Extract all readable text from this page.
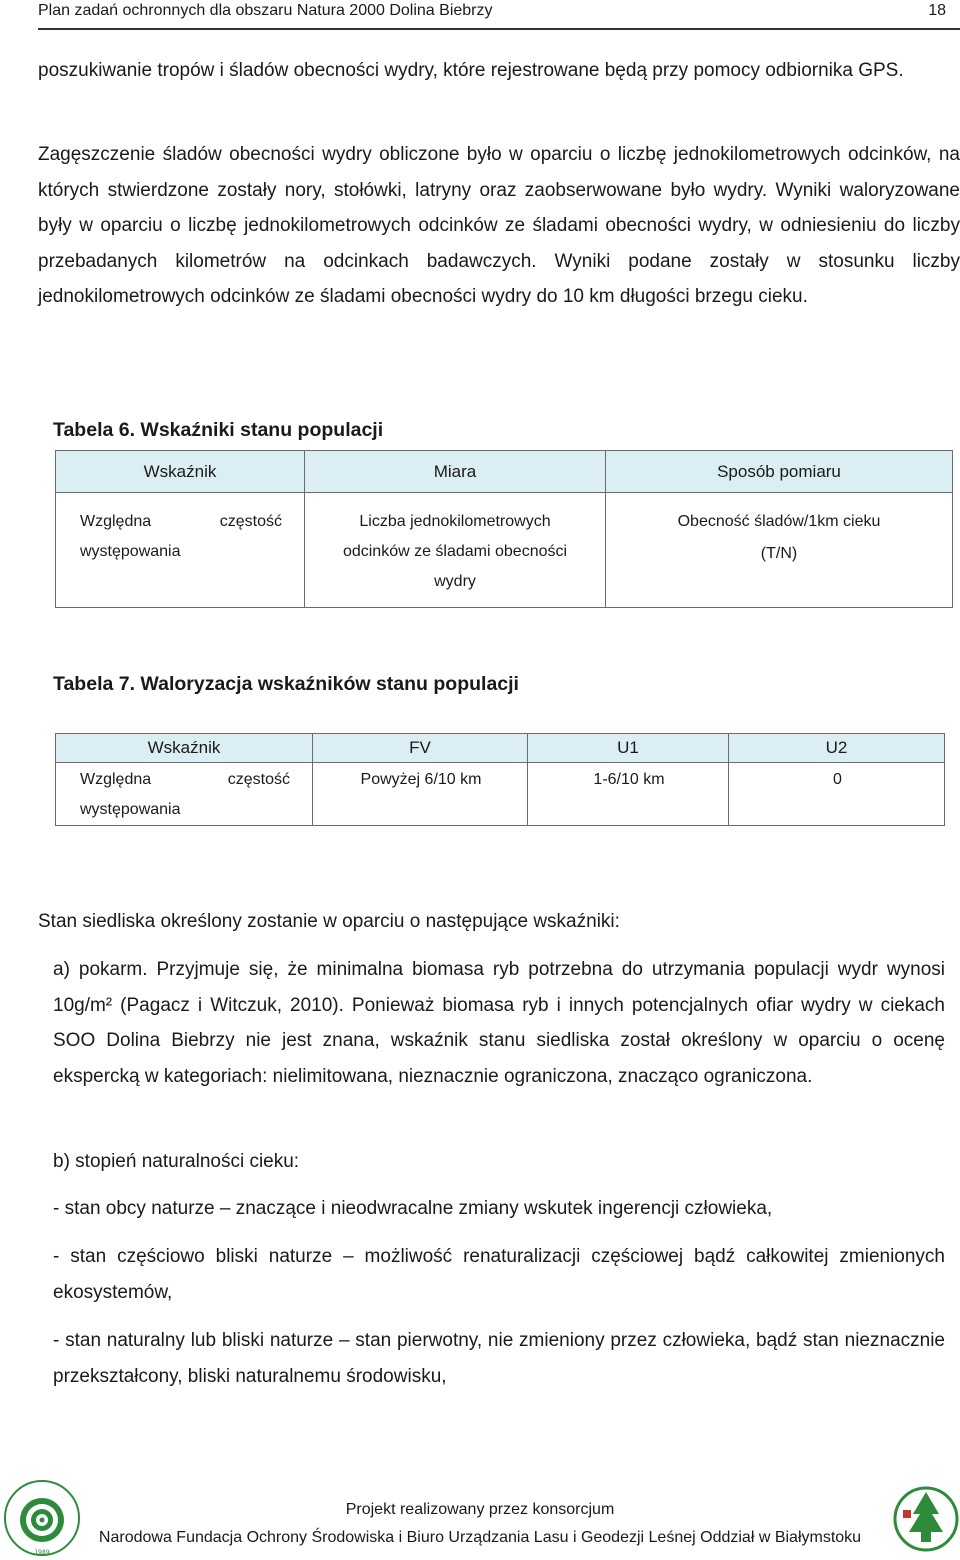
Plan zadań ochronnych dla obszaru Natura 2000 Dolina Biebrzy	18

poszukiwanie tropów i śladów obecności wydry, które rejestrowane będą przy pomocy odbiornika GPS.

Zagęszczenie śladów obecności wydry obliczone było w oparciu o liczbę jednokilometrowych odcinków, na których stwierdzone zostały nory, stołówki, latryny oraz zaobserwowane było wydry. Wyniki waloryzowane były w oparciu o liczbę jednokilometrowych odcinków ze śladami obecności wydry, w odniesieniu do liczby przebadanych kilometrów na odcinkach badawczych. Wyniki podane zostały w stosunku liczby jednokilometrowych odcinków ze śladami obecności wydry do 10 km długości brzegu cieku.

Tabela 6. Wskaźniki stanu populacji
Wskaźnik	Miara	Sposób pomiaru
Względna częstość występowania	Liczba jednokilometrowych odcinków ze śladami obecności wydry	Obecność śladów/1km cieku
(T/N)
Tabela 7. Waloryzacja wskaźników stanu populacji
Wskaźnik	FV	U1	U2
Względna częstość występowania	Powyżej 6/10 km	1-6/10 km	0

Stan siedliska określony zostanie w oparciu o następujące wskaźniki:

a) pokarm. Przyjmuje się, że minimalna biomasa ryb potrzebna do utrzymania populacji wydr wynosi 10g/m² (Pagacz i Witczuk, 2010). Ponieważ biomasa ryb i innych potencjalnych ofiar wydry w ciekach SOO Dolina Biebrzy nie jest znana, wskaźnik stanu siedliska został określony w oparciu o ocenę ekspercką w kategoriach: nielimitowana, nieznacznie ograniczona, znacząco ograniczona.

b) stopień naturalności cieku:

- stan obcy naturze – znaczące i nieodwracalne zmiany wskutek ingerencji człowieka,

- stan częściowo bliski naturze – możliwość renaturalizacji częściowej bądź całkowitej zmienionych ekosystemów,

- stan naturalny lub bliski naturze – stan pierwotny, nie zmieniony przez człowieka, bądź stan nieznacznie przekształcony, bliski naturalnemu środowisku,

Projekt realizowany przez konsorcjum
Narodowa Fundacja Ochrony Środowiska i Biuro Urządzania Lasu i Geodezji Leśnej Oddział w Białymstoku
1989
